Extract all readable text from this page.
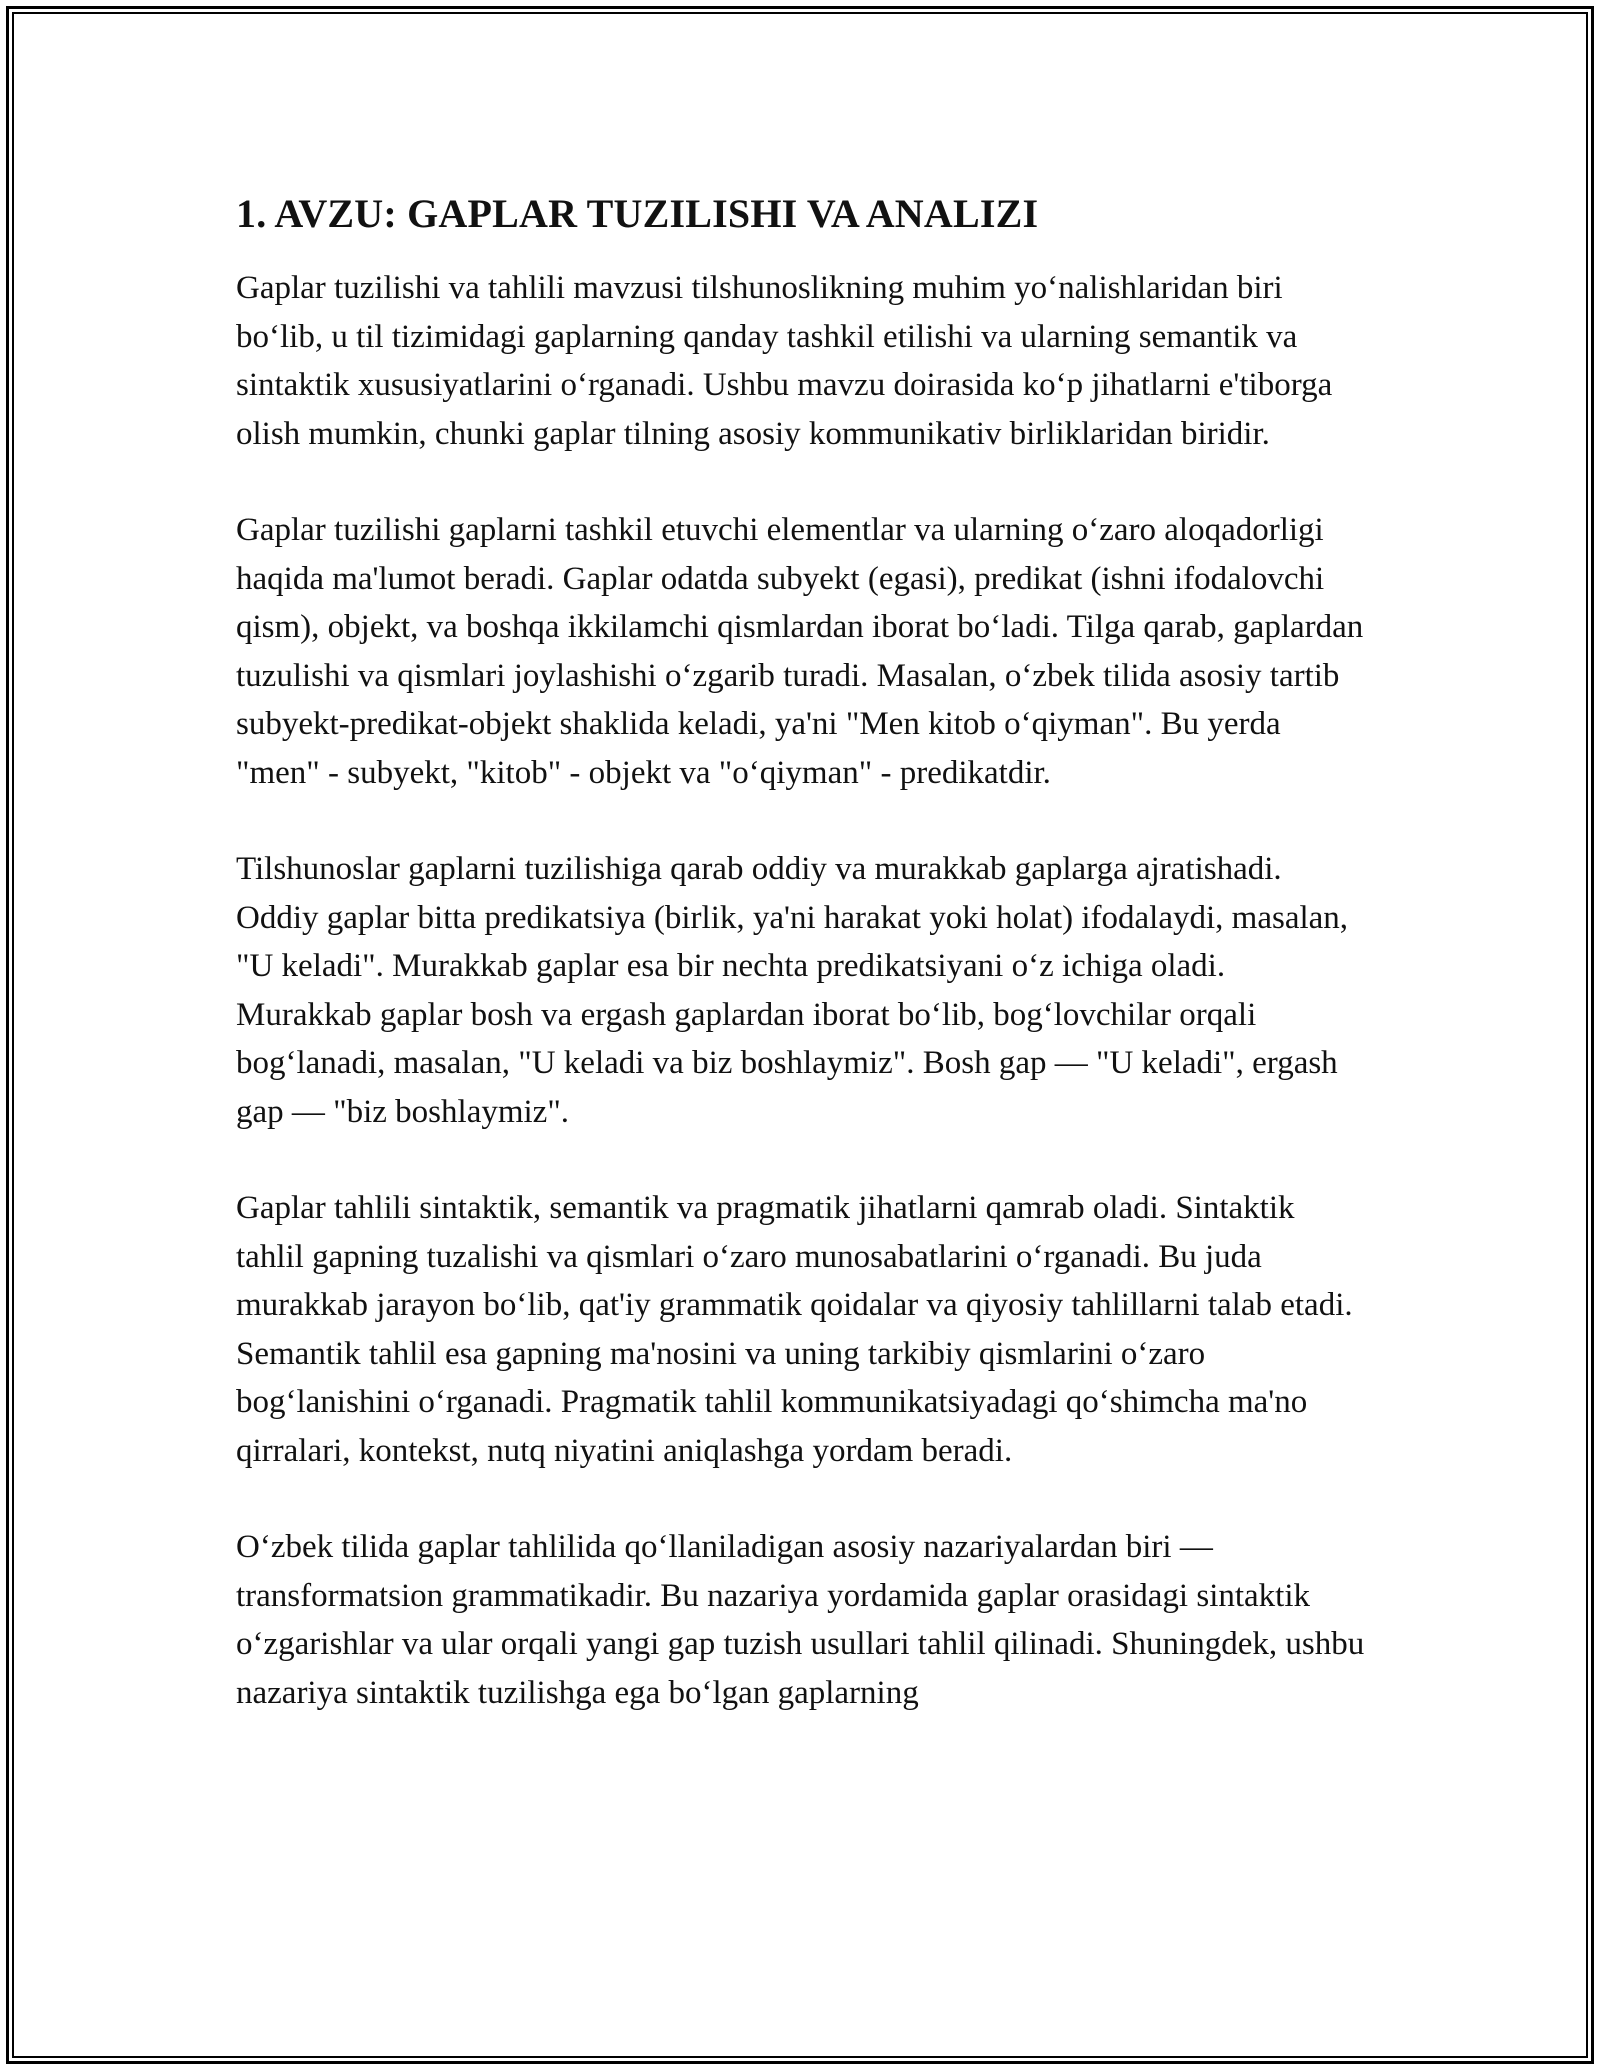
1. AVZU: GAPLAR TUZILISHI VA ANALIZI

Gaplar tuzilishi va tahlili mavzusi tilshunoslikning muhim yo‘nalishlaridan biri bo‘lib, u til tizimidagi gaplarning qanday tashkil etilishi va ularning semantik va sintaktik xususiyatlarini o‘rganadi. Ushbu mavzu doirasida ko‘p jihatlarni e'tiborga olish mumkin, chunki gaplar tilning asosiy kommunikativ birliklaridan biridir.

Gaplar tuzilishi gaplarni tashkil etuvchi elementlar va ularning o‘zaro aloqadorligi haqida ma'lumot beradi. Gaplar odatda subyekt (egasi), predikat (ishni ifodalovchi qism), objekt, va boshqa ikkilamchi qismlardan iborat bo‘ladi. Tilga qarab, gaplardan tuzulishi va qismlari joylashishi o‘zgarib turadi. Masalan, o‘zbek tilida asosiy tartib subyekt-predikat-objekt shaklida keladi, ya'ni "Men kitob o‘qiyman". Bu yerda "men" - subyekt, "kitob" - objekt va "o‘qiyman" - predikatdir.

Tilshunoslar gaplarni tuzilishiga qarab oddiy va murakkab gaplarga ajratishadi. Oddiy gaplar bitta predikatsiya (birlik, ya'ni harakat yoki holat) ifodalaydi, masalan, "U keladi". Murakkab gaplar esa bir nechta predikatsiyani o‘z ichiga oladi. Murakkab gaplar bosh va ergash gaplardan iborat bo‘lib, bog‘lovchilar orqali bog‘lanadi, masalan, "U keladi va biz boshlaymiz". Bosh gap — "U keladi", ergash gap — "biz boshlaymiz".

Gaplar tahlili sintaktik, semantik va pragmatik jihatlarni qamrab oladi. Sintaktik tahlil gapning tuzalishi va qismlari o‘zaro munosabatlarini o‘rganadi. Bu juda murakkab jarayon bo‘lib, qat'iy grammatik qoidalar va qiyosiy tahlillarni talab etadi. Semantik tahlil esa gapning ma'nosini va uning tarkibiy qismlarini o‘zaro bog‘lanishini o‘rganadi. Pragmatik tahlil kommunikatsiyadagi qo‘shimcha ma'no qirralari, kontekst, nutq niyatini aniqlashga yordam beradi.

O‘zbek tilida gaplar tahlilida qo‘llaniladigan asosiy nazariyalardan biri — transformatsion grammatikadir. Bu nazariya yordamida gaplar orasidagi sintaktik o‘zgarishlar va ular orqali yangi gap tuzish usullari tahlil qilinadi. Shuningdek, ushbu nazariya sintaktik tuzilishga ega bo‘lgan gaplarning
